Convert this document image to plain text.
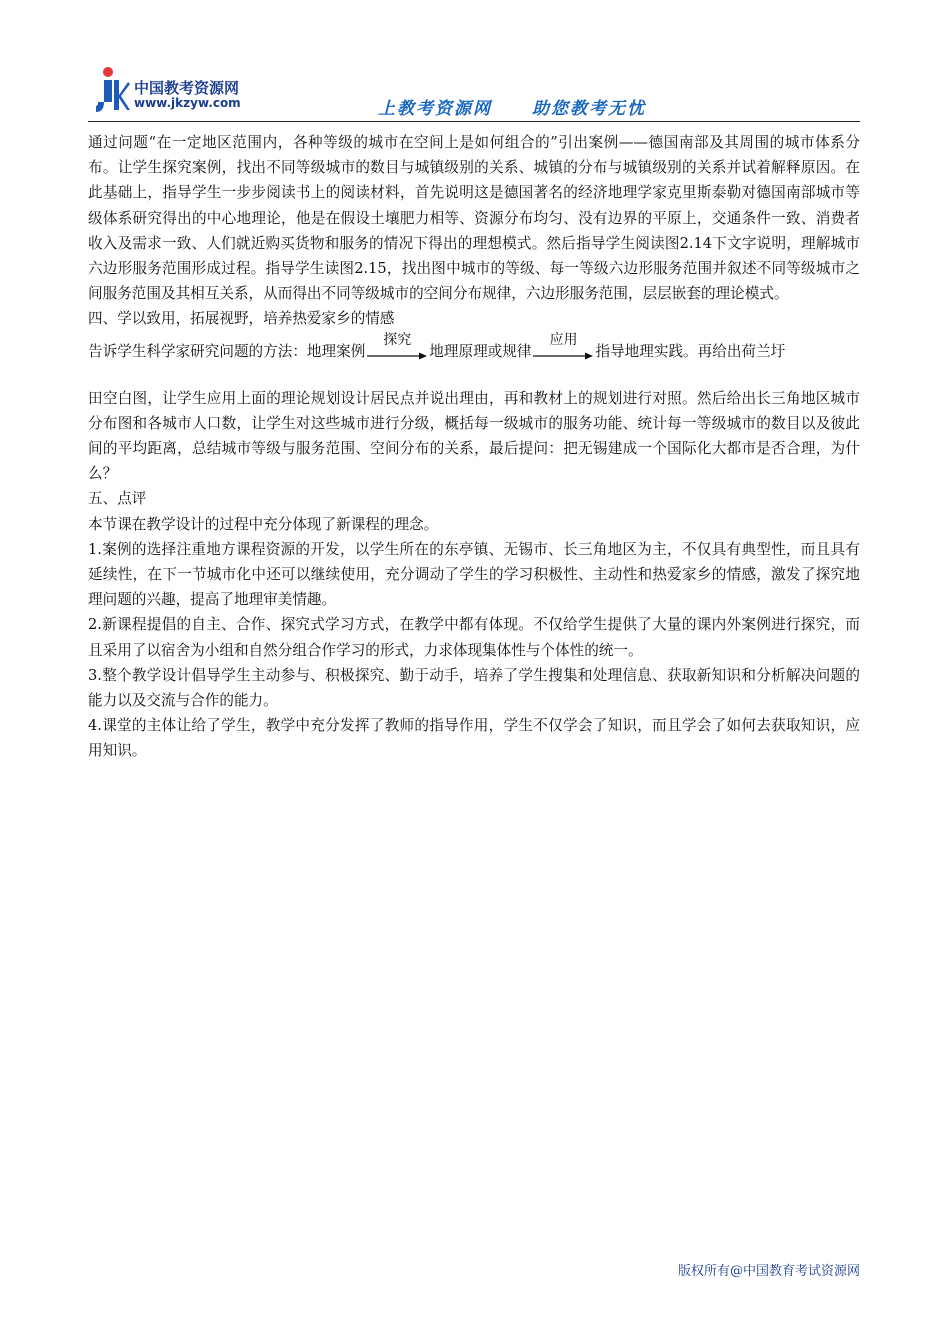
中国教考资源网
www.jkzyw.com	上教考资源网 助您教考无忧

通过问题“在一定地区范围内，各种等级的城市在空间上是如何组合的”引出案例——德国南部及其周围的城市体系分布。让学生探究案例，找出不同等级城市的数目与城镇级别的关系、城镇的分布与城镇级别的关系并试着解释原因。在此基础上，指导学生一步步阅读书上的阅读材料，首先说明这是德国著名的经济地理学家克里斯泰勒对德国南部城市等级体系研究得出的中心地理论，他是在假设土壤肥力相等、资源分布均匀、没有边界的平原上，交通条件一致、消费者收入及需求一致、人们就近购买货物和服务的情况下得出的理想模式。然后指导学生阅读图2.14下文字说明，理解城市六边形服务范围形成过程。指导学生读图2.15，找出图中城市的等级、每一等级六边形服务范围并叙述不同等级城市之间服务范围及其相互关系，从而得出不同等级城市的空间分布规律，六边形服务范围，层层嵌套的理论模式。

四、学以致用，拓展视野，培养热爱家乡的情感

告诉学生科学家研究问题的方法：地理案例
探究
地理原理或规律
应用
指导地理实践。再给出荷兰圩

田空白图，让学生应用上面的理论规划设计居民点并说出理由，再和教材上的规划进行对照。然后给出长三角地区城市分布图和各城市人口数，让学生对这些城市进行分级，概括每一级城市的服务功能、统计每一等级城市的数目以及彼此间的平均距离，总结城市等级与服务范围、空间分布的关系，最后提问：把无锡建成一个国际化大都市是否合理，为什么？

五、点评

本节课在教学设计的过程中充分体现了新课程的理念。

1.案例的选择注重地方课程资源的开发，以学生所在的东亭镇、无锡市、长三角地区为主，不仅具有典型性，而且具有延续性，在下一节城市化中还可以继续使用，充分调动了学生的学习积极性、主动性和热爱家乡的情感，激发了探究地理问题的兴趣，提高了地理审美情趣。

2.新课程提倡的自主、合作、探究式学习方式，在教学中都有体现。不仅给学生提供了大量的课内外案例进行探究，而且采用了以宿舍为小组和自然分组合作学习的形式，力求体现集体性与个体性的统一。

3.整个教学设计倡导学生主动参与、积极探究、勤于动手，培养了学生搜集和处理信息、获取新知识和分析解决问题的能力以及交流与合作的能力。

4.课堂的主体让给了学生，教学中充分发挥了教师的指导作用，学生不仅学会了知识，而且学会了如何去获取知识，应用知识。

版权所有@中国教育考试资源网
